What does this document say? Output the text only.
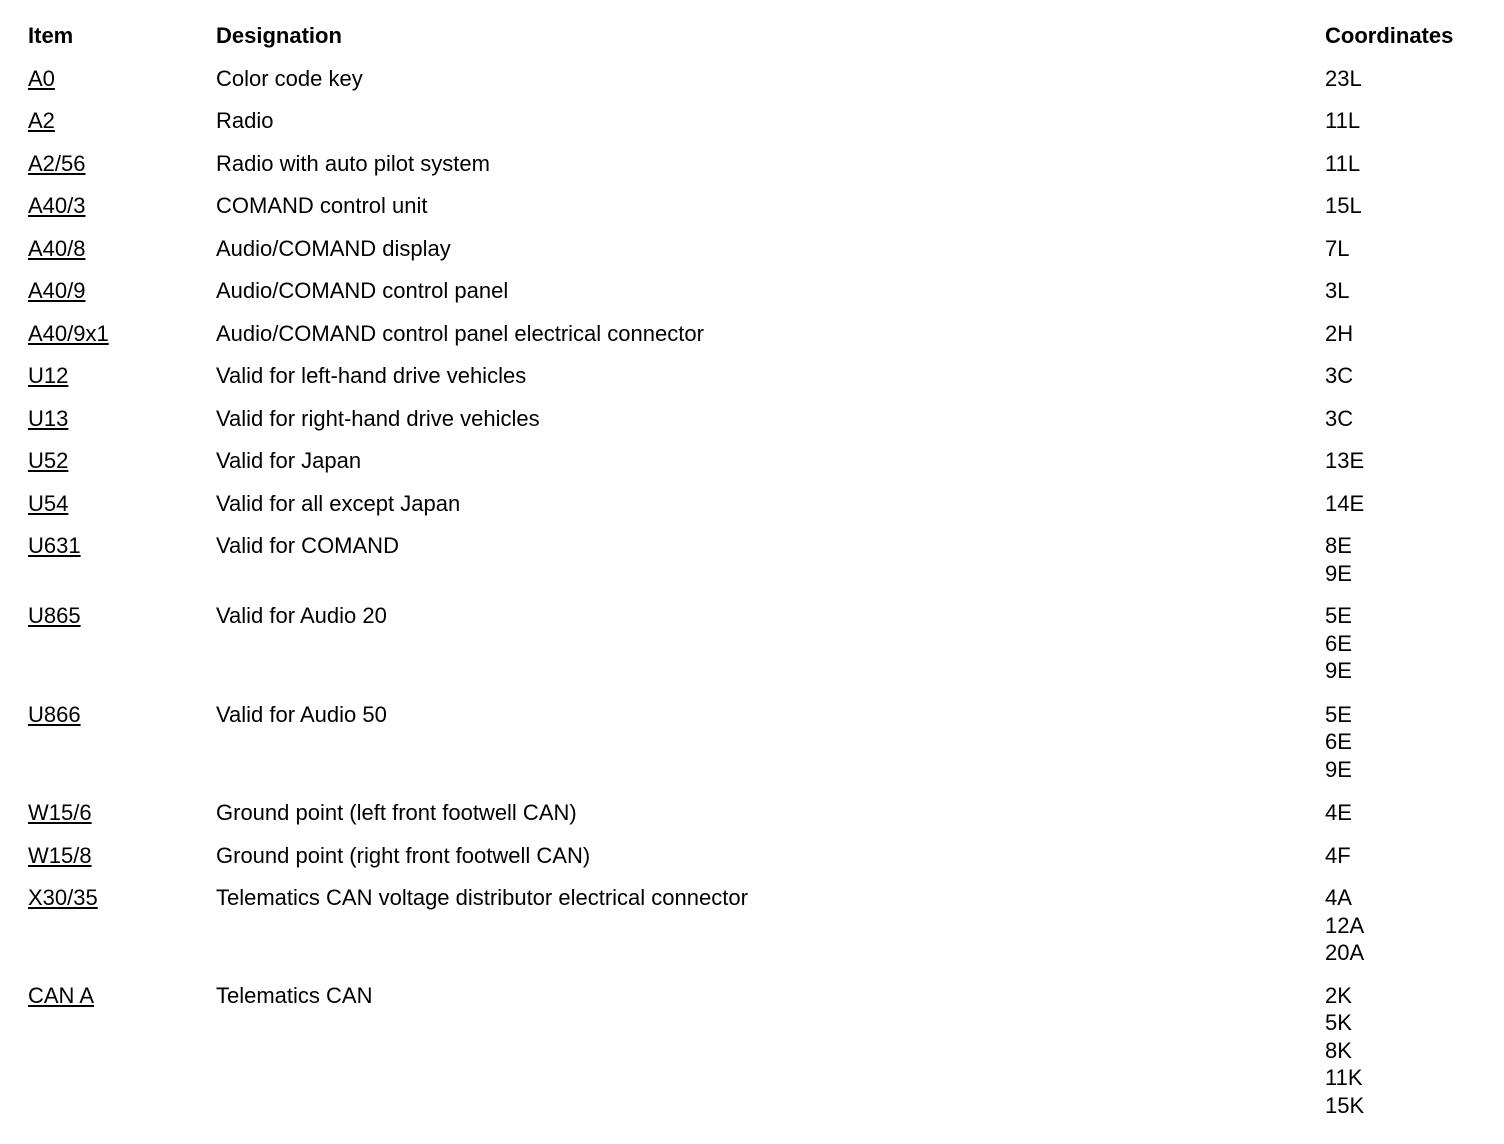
Item	Designation	Coordinates
A0	Color code key	23L
A2	Radio	11L
A2/56	Radio with auto pilot system	11L
A40/3	COMAND control unit	15L
A40/8	Audio/COMAND display	7L
A40/9	Audio/COMAND control panel	3L
A40/9x1	Audio/COMAND control panel electrical connector	2H
U12	Valid for left-hand drive vehicles	3C
U13	Valid for right-hand drive vehicles	3C
U52	Valid for Japan	13E
U54	Valid for all except Japan	14E
U631	Valid for COMAND	8E
9E
U865	Valid for Audio 20	5E
6E
9E
U866	Valid for Audio 50	5E
6E
9E
W15/6	Ground point (left front footwell CAN)	4E
W15/8	Ground point (right front footwell CAN)	4F
X30/35	Telematics CAN voltage distributor electrical connector	4A
12A
20A
CAN A	Telematics CAN	2K
5K
8K
11K
15K
